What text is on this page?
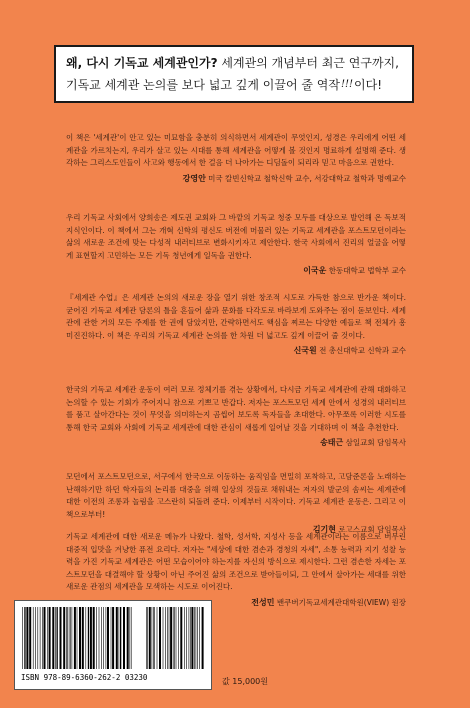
왜, 다시 기독교 세계관인가? 세계관의 개념부터 최근 연구까지,
기독교 세계관 논의를 보다 넓고 깊게 이끌어 줄 역작!!!이다!

이 책은 '세계관'이 안고 있는 미묘함을 충분히 의식하면서 세계관이 무엇인지, 성경은 우리에게 어떤 세계관을 가르치는지, 우리가 살고 있는 시대를 통해 세계관을 어떻게 볼 것인지 명료하게 설명해 준다. 생각하는 그리스도인들이 사고와 행동에서 한 걸음 더 나아가는 디딤돌이 되리라 믿고 마음으로 권한다.

강영안 미국 칼빈신학교 철학신학 교수, 서강대학교 철학과 명예교수

우리 기독교 사회에서 양희송은 제도권 교회와 그 바깥의 기독교 청중 모두를 대상으로 발언해 온 독보적 지식인이다. 이 책에서 그는 개혁 신학의 평신도 버전에 머물러 있는 기독교 세계관을 포스트모던이라는 삶의 새로운 조건에 맞는 다성적 내러티브로 변화시키자고 제안한다. 한국 사회에서 진리의 얼굴을 어떻게 표현할지 고민하는 모든 기독 청년에게 일독을 권한다.

이국운 한동대학교 법학부 교수

『세계관 수업』은 세계관 논의의 새로운 장을 열기 위한 창조적 시도로 가득한 참으로 반가운 책이다. 굳어진 기독교 세계관 담론의 틀을 흔들어 삶과 문화를 다각도로 바라보게 도와주는 점이 돋보인다. 세계관에 관한 거의 모든 주제를 한 권에 담았지만, 간략하면서도 핵심을 찌르는 다양한 예들로 책 전체가 흥미진진하다. 이 책은 우리의 기독교 세계관 논의를 한 차원 더 넓고도 깊게 이끌어 줄 것이다.

신국원 전 총신대학교 신학과 교수

한국의 기독교 세계관 운동이 여러 모로 정체기를 겪는 상황에서, 다시금 기독교 세계관에 관해 대화하고 논의할 수 있는 기회가 주어지니 참으로 기쁘고 반갑다. 저자는 포스트모던 세계 안에서 성경의 내러티브를 품고 살아간다는 것이 무엇을 의미하는지 곰씹어 보도록 독자들을 초대한다. 아무쪼록 이러한 시도를 통해 한국 교회와 사회에 기독교 세계관에 대한 관심이 새롭게 일어날 것을 기대하며 이 책을 추천한다.

송태근 삼일교회 담임목사

모던에서 포스트모던으로, 서구에서 한국으로 이동하는 움직임을 면밀히 포착하고, 고담준론을 노래하는 난해하기만 하던 학자들의 논리를 대중을 위해 일상의 것들로 채워내는 저자의 발군의 솜씨는 세계관에 대한 이전의 조롱과 놀림을 고스란히 되돌려 준다. 이제부터 시작이다. 기독교 세계관 운동은. 그리고 이 책으로부터!

김기현 로고스교회 담임목사

기독교 세계관에 대한 새로운 메뉴가 나왔다. 철학, 성서학, 지성사 등을 세계관이라는 이름으로 버무린 대중적 입맛을 겨냥한 퓨전 요리다. 저자는 "세상에 대한 겸손과 경청의 자세", 소통 능력과 지기 성찰 능력을 가진 기독교 세계관은 어떤 모습이어야 하는지를 자신의 방식으로 제시한다. 그런 겸손한 자세는 포스트모던을 대결해야 할 상황이 아닌 주어진 삶의 조건으로 받아들이되, 그 안에서 살아가는 세대를 위한 새로운 관점의 세계관을 모색하는 시도로 이어진다.

전성민 밴쿠버기독교세계관대학원(VIEW) 원장
ISBN 978-89-6360-262-2 03230	값 15,000원
